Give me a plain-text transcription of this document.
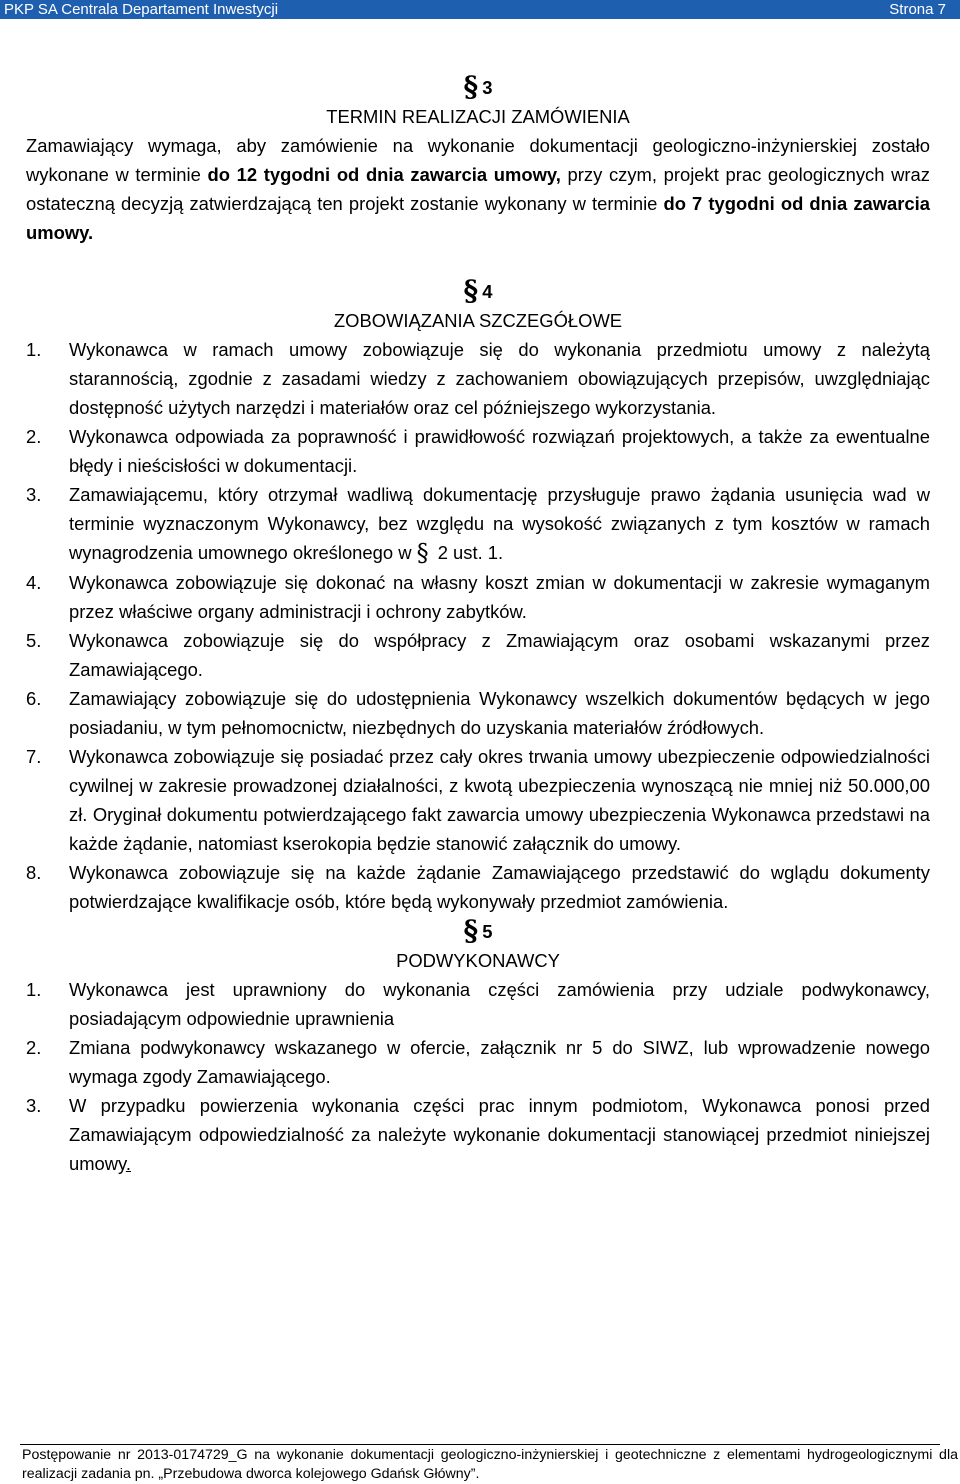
PKP SA Centrala Departament Inwestycji	Strona 7

§ 3

TERMIN REALIZACJI ZAMÓWIENIA

Zamawiający wymaga, aby zamówienie na wykonanie dokumentacji geologiczno-inżynierskiej zostało wykonane w terminie do 12 tygodni od dnia zawarcia umowy, przy czym, projekt prac geologicznych wraz ostateczną decyzją zatwierdzającą ten projekt zostanie wykonany w terminie do 7 tygodni od dnia zawarcia umowy.

§ 4

ZOBOWIĄZANIA SZCZEGÓŁOWE

1. Wykonawca w ramach umowy zobowiązuje się do wykonania przedmiotu umowy z należytą starannością, zgodnie z zasadami wiedzy z zachowaniem obowiązujących przepisów, uwzględniając dostępność użytych narzędzi i materiałów oraz cel późniejszego wykorzystania.
2. Wykonawca odpowiada za poprawność i prawidłowość rozwiązań projektowych, a także za ewentualne błędy i nieścisłości w dokumentacji.
3. Zamawiającemu, który otrzymał wadliwą dokumentację przysługuje prawo żądania usunięcia wad w terminie wyznaczonym Wykonawcy, bez względu na wysokość związanych z tym kosztów w ramach wynagrodzenia umownego określonego w § 2 ust. 1.
4. Wykonawca zobowiązuje się dokonać na własny koszt zmian w dokumentacji w zakresie wymaganym przez właściwe organy administracji i ochrony zabytków.
5. Wykonawca zobowiązuje się do współpracy z Zmawiającym oraz osobami wskazanymi przez Zamawiającego.
6. Zamawiający zobowiązuje się do udostępnienia Wykonawcy wszelkich dokumentów będących w jego posiadaniu, w tym pełnomocnictw, niezbędnych do uzyskania materiałów źródłowych.
7. Wykonawca zobowiązuje się posiadać przez cały okres trwania umowy ubezpieczenie odpowiedzialności cywilnej w zakresie prowadzonej działalności, z kwotą ubezpieczenia wynoszącą nie mniej niż 50.000,00 zł. Oryginał dokumentu potwierdzającego fakt zawarcia umowy ubezpieczenia Wykonawca przedstawi na każde żądanie, natomiast kserokopia będzie stanowić załącznik do umowy.
8. Wykonawca zobowiązuje się na każde żądanie Zamawiającego przedstawić do wglądu dokumenty potwierdzające kwalifikacje osób, które będą wykonywały przedmiot zamówienia.

§ 5

PODWYKONAWCY

1. Wykonawca jest uprawniony do wykonania części zamówienia przy udziale podwykonawcy, posiadającym odpowiednie uprawnienia
2. Zmiana podwykonawcy wskazanego w ofercie, załącznik nr 5 do SIWZ, lub wprowadzenie nowego wymaga zgody Zamawiającego.
3. W przypadku powierzenia wykonania części prac innym podmiotom, Wykonawca ponosi przed Zamawiającym odpowiedzialność za należyte wykonanie dokumentacji stanowiącej przedmiot niniejszej umowy.
Postępowanie nr 2013-0174729_G na wykonanie dokumentacji geologiczno-inżynierskiej i geotechniczne z elementami hydrogeologicznymi dla realizacji zadania pn. „Przebudowa dworca kolejowego Gdańsk Główny”.
